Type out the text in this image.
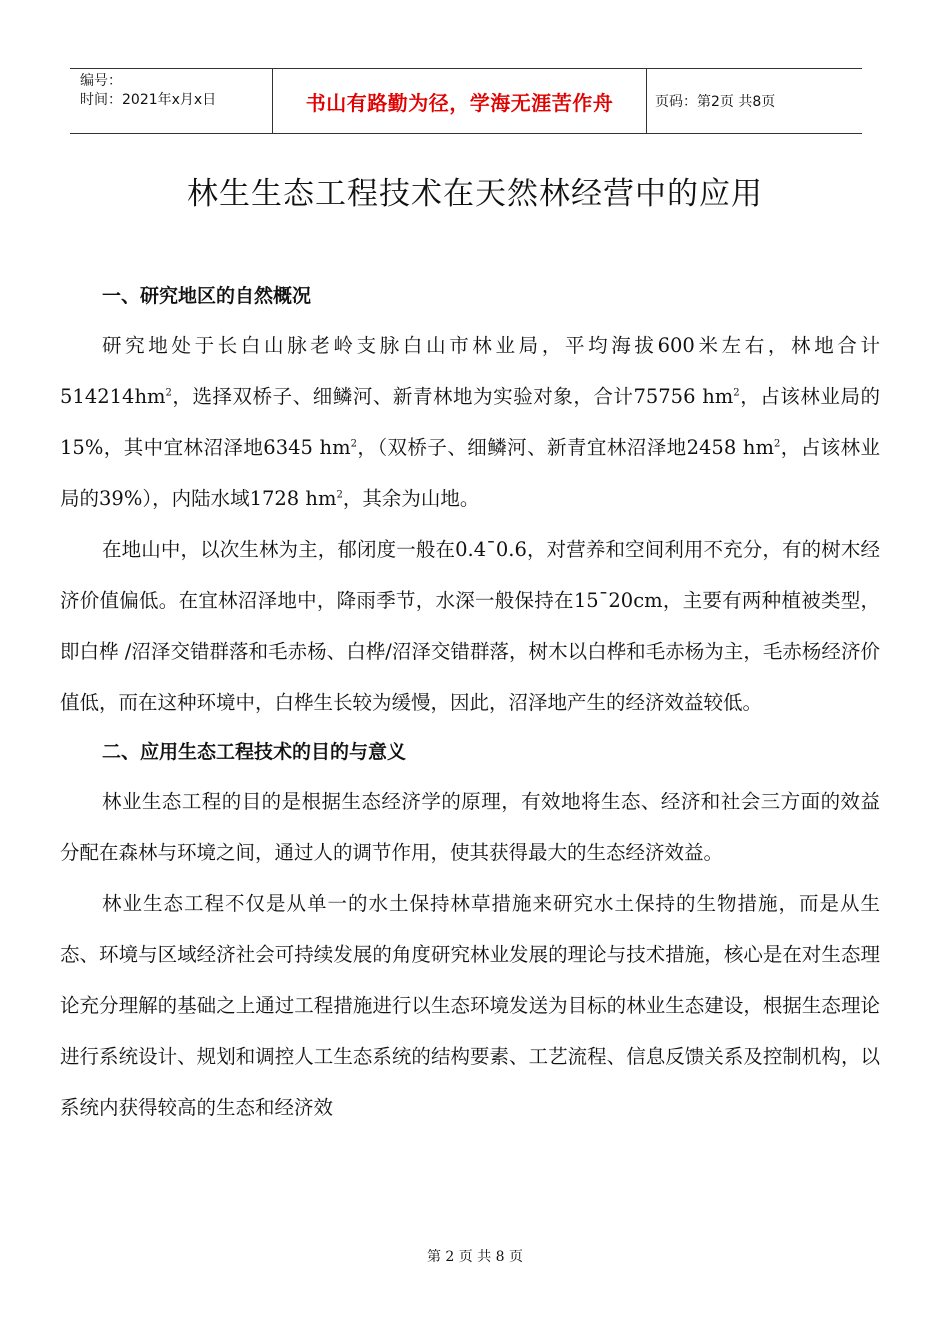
编号：
时间：2021年x月x日	书山有路勤为径，学海无涯苦作舟	页码：第2页 共8页
林生生态工程技术在天然林经营中的应用

一、研究地区的自然概况

研究地处于长白山脉老岭支脉白山市林业局，平均海拔600米左右，林地合计$514214hm^2$，选择双桥子、细鳞河、新青林地为实验对象，合计75756 $hm^2$，占该林业局的15%，其中宜林沼泽地6345 $hm^2$，（双桥子、细鳞河、新青宜林沼泽地2458 $hm^2$，占该林业局的39%），内陆水域1728 $hm^2$，其余为山地。

在地山中，以次生林为主，郁闭度一般在0.4¯0.6，对营养和空间利用不充分，有的树木经济价值偏低。在宜林沼泽地中，降雨季节，水深一般保持在15¯20cm，主要有两种植被类型，即白桦 /沼泽交错群落和毛赤杨、白桦/沼泽交错群落，树木以白桦和毛赤杨为主，毛赤杨经济价值低，而在这种环境中，白桦生长较为缓慢，因此，沼泽地产生的经济效益较低。

二、应用生态工程技术的目的与意义

林业生态工程的目的是根据生态经济学的原理，有效地将生态、经济和社会三方面的效益分配在森林与环境之间，通过人的调节作用，使其获得最大的生态经济效益。

林业生态工程不仅是从单一的水土保持林草措施来研究水土保持的生物措施，而是从生态、环境与区域经济社会可持续发展的角度研究林业发展的理论与技术措施，核心是在对生态理论充分理解的基础之上通过工程措施进行以生态环境发送为目标的林业生态建设，根据生态理论进行系统设计、规划和调控人工生态系统的结构要素、工艺流程、信息反馈关系及控制机构，以系统内获得较高的生态和经济效

第 2 页 共 8 页
